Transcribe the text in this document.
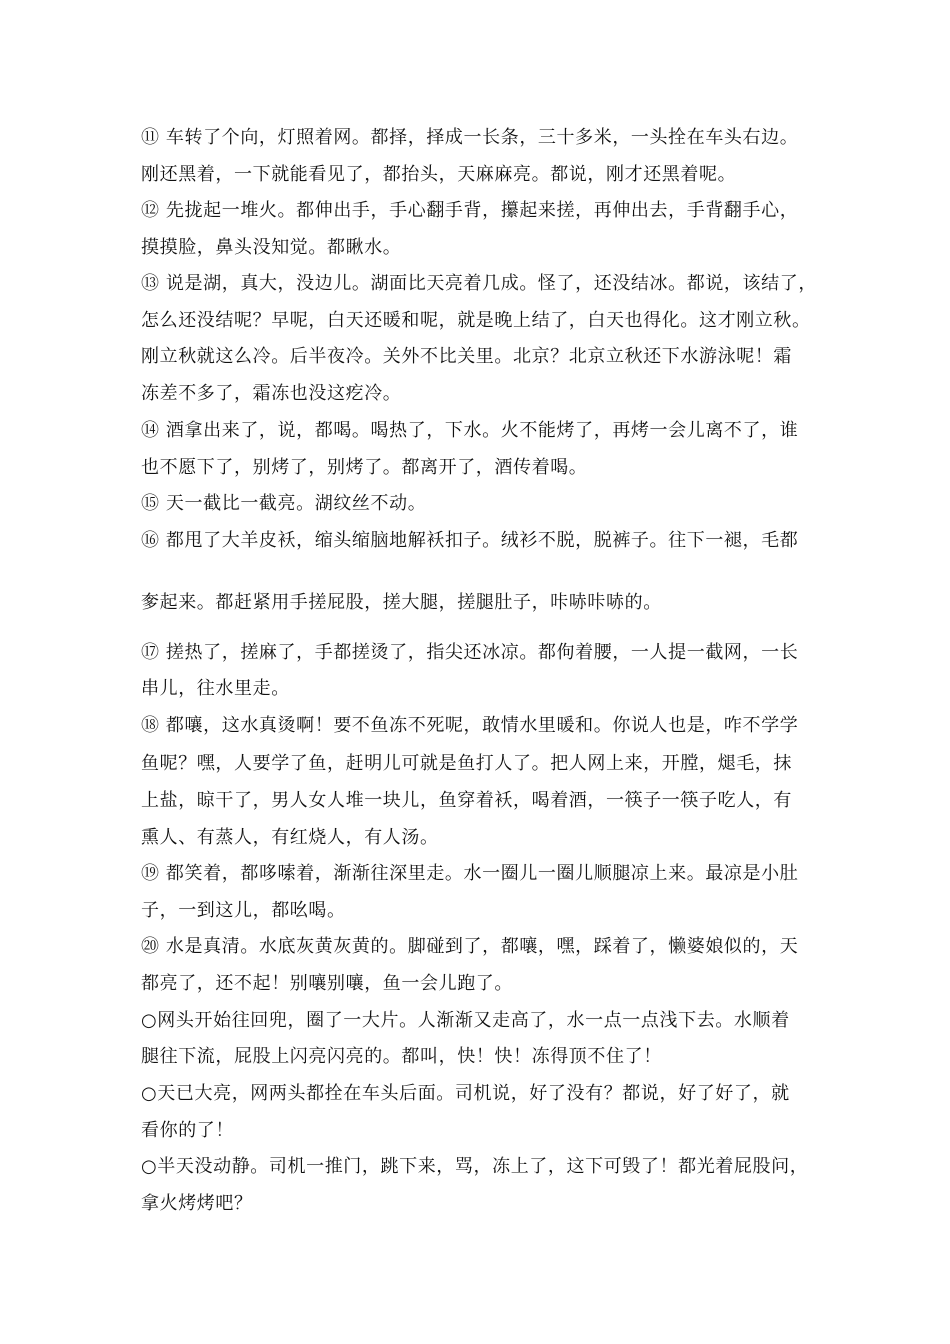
⑪ 车转了个向，灯照着网。都择，择成一长条，三十多米，一头拴在车头右边。
刚还黑着，一下就能看见了，都抬头，天麻麻亮。都说，刚才还黑着呢。
⑫ 先拢起一堆火。都伸出手，手心翻手背，攥起来搓，再伸出去，手背翻手心，
摸摸脸，鼻头没知觉。都瞅水。
⑬ 说是湖，真大，没边儿。湖面比天亮着几成。怪了，还没结冰。都说，该结了，
怎么还没结呢？早呢，白天还暖和呢，就是晚上结了，白天也得化。这才刚立秋。
刚立秋就这么冷。后半夜冷。关外不比关里。北京？北京立秋还下水游泳呢！霜
冻差不多了，霜冻也没这疙冷。
⑭ 酒拿出来了，说，都喝。喝热了，下水。火不能烤了，再烤一会儿离不了，谁
也不愿下了，别烤了，别烤了。都离开了，酒传着喝。
⑮ 天一截比一截亮。湖纹丝不动。
⑯ 都甩了大羊皮袄，缩头缩脑地解袄扣子。绒衫不脱，脱裤子。往下一褪，毛都
奓起来。都赶紧用手搓屁股，搓大腿，搓腿肚子，咔哧咔哧的。
⑰ 搓热了，搓麻了，手都搓烫了，指尖还冰凉。都佝着腰，一人提一截网，一长
串儿，往水里走。
⑱ 都嚷，这水真烫啊！要不鱼冻不死呢，敢情水里暖和。你说人也是，咋不学学
鱼呢？嘿，人要学了鱼，赶明儿可就是鱼打人了。把人网上来，开膛，煺毛，抹
上盐，晾干了，男人女人堆一块儿，鱼穿着袄，喝着酒，一筷子一筷子吃人，有
熏人、有蒸人，有红烧人，有人汤。
⑲ 都笑着，都哆嗦着，渐渐往深里走。水一圈儿一圈儿顺腿凉上来。最凉是小肚
子，一到这儿，都吆喝。
⑳ 水是真清。水底灰黄灰黄的。脚碰到了，都嚷，嘿，踩着了，懒婆娘似的，天
都亮了，还不起！别嚷别嚷，鱼一会儿跑了。
○网头开始往回兜，圈了一大片。人渐渐又走高了，水一点一点浅下去。水顺着
腿往下流，屁股上闪亮闪亮的。都叫，快！快！冻得顶不住了！
○天已大亮，网两头都拴在车头后面。司机说，好了没有？都说，好了好了，就
看你的了！
○半天没动静。司机一推门，跳下来，骂，冻上了，这下可毁了！都光着屁股问，
拿火烤烤吧？
